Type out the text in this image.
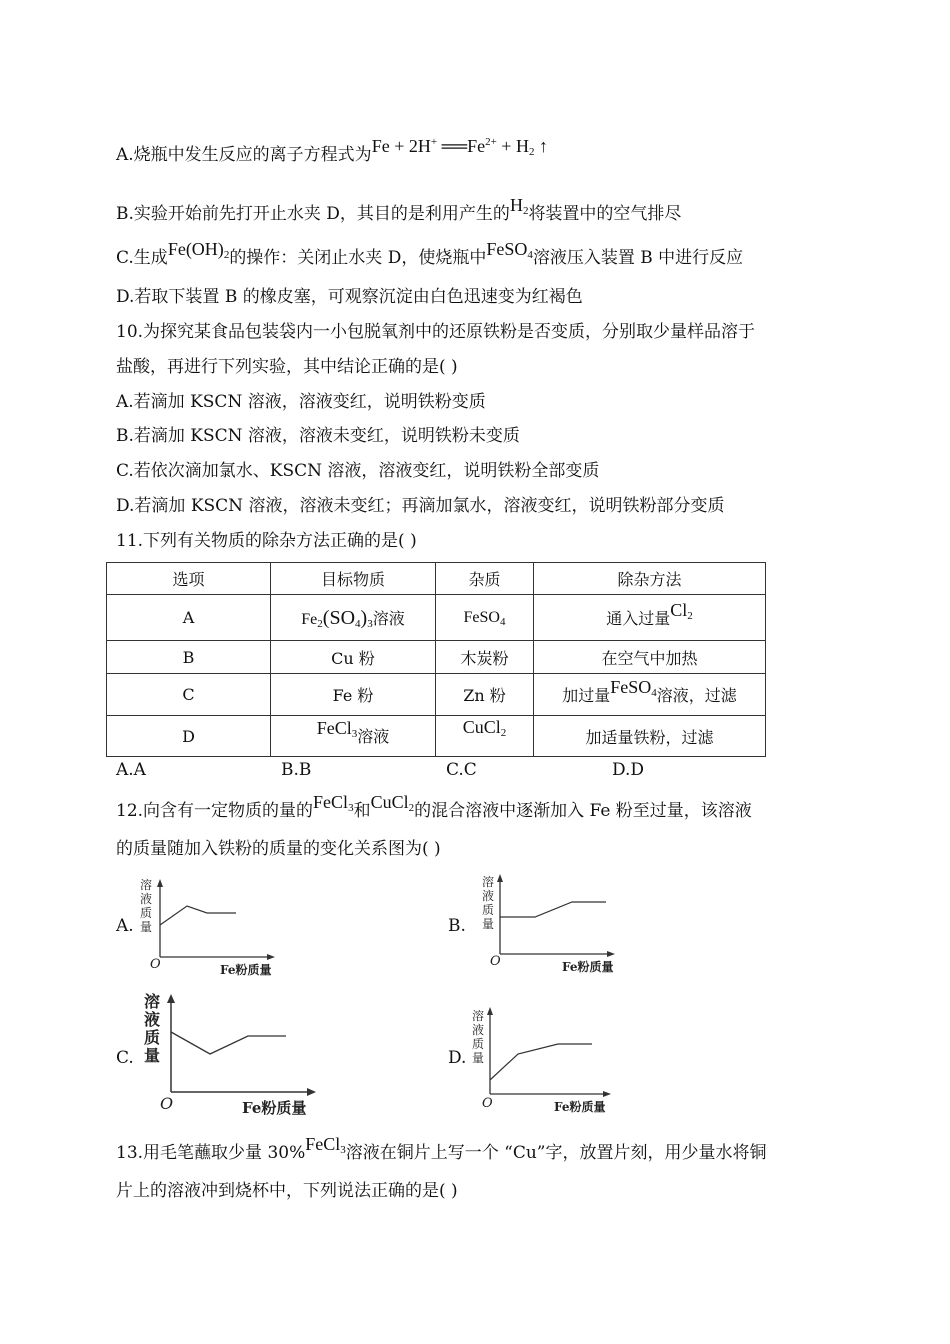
A.烧瓶中发生反应的离子方程式为Fe + 2H+ $══Fe^{2+} + H_2$ ↑
B.实验开始前先打开止水夹 D，其目的是利用产生的$H_2$将装置中的空气排尽
C.生成$Fe(OH)_2$的操作：关闭止水夹 D，使烧瓶中FeSO$_4$溶液压入装置 B 中进行反应
D.若取下装置 B 的橡皮塞，可观察沉淀由白色迅速变为红褐色
10.为探究某食品包装袋内一小包脱氧剂中的还原铁粉是否变质，分别取少量样品溶于
盐酸，再进行下列实验，其中结论正确的是( )
A.若滴加 KSCN 溶液，溶液变红，说明铁粉变质
B.若滴加 KSCN 溶液，溶液未变红，说明铁粉未变质
C.若依次滴加氯水、KSCN 溶液，溶液变红，说明铁粉全部变质
D.若滴加 KSCN 溶液，溶液未变红；再滴加氯水，溶液变红，说明铁粉部分变质
11.下列有关物质的除杂方法正确的是( )
选项	目标物质	杂质	除杂方法
A	$Fe_2(SO_4)_3$溶液	FeSO$_4$	通入过量$Cl_2$
B	Cu 粉	木炭粉	在空气中加热
C	Fe 粉	Zn 粉	加过量FeSO$_4$溶液，过滤
D	FeCl$_3$溶液	CuCl$_2$	加适量铁粉，过滤
A.A	B.B	C.C	D.D
12.向含有一定物质的量的FeCl$_3$和CuCl$_2$的混合溶液中逐渐加入 Fe 粉至过量，该溶液
的质量随加入铁粉的质量的变化关系图为( )
A.
溶
液
质
量
O	Fe粉质量
B.
溶
液
质
量
O	Fe粉质量
C.
溶
液
质
量
O	Fe粉质量
D.
溶
液
质
量
O	Fe粉质量
13.用毛笔蘸取少量 30%FeCl$_3$溶液在铜片上写一个 “Cu”字，放置片刻，用少量水将铜
片上的溶液冲到烧杯中，下列说法正确的是( )
